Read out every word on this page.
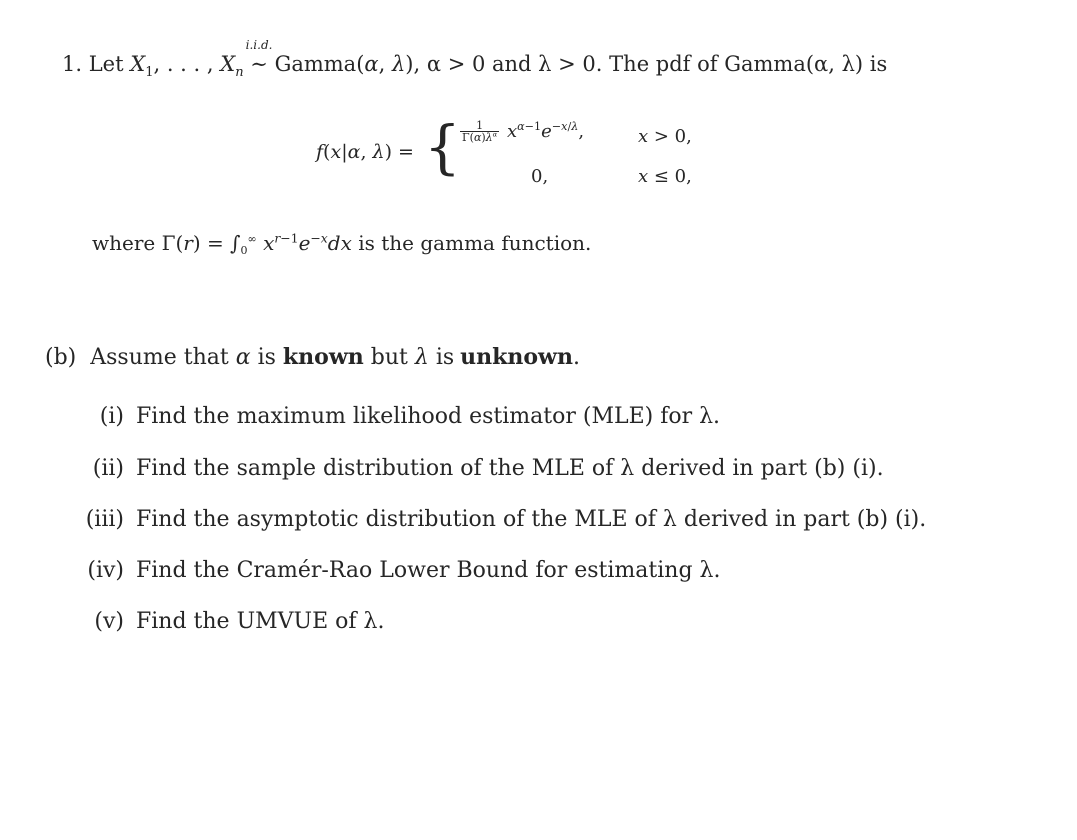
1. Let $X_1$, . . . , $X_n$
i.i.d.
∼ Gamma(α, λ), α > 0 and λ > 0. The pdf of Gamma(α, λ) is
f(x|α, λ) = { $\frac{1}{\Gamma(\alpha)\lambda^\alpha} x^{\alpha-1}e^{-x/\lambda}$,	x > 0,
0,	x ≤ 0,
where $\Gamma(r) = \int_0^\infty$ $x^{r-1}e^{-x}dx$ is the gamma function.
(b) Assume that α is known but λ is unknown.
(i) Find the maximum likelihood estimator (MLE) for λ.
(ii) Find the sample distribution of the MLE of λ derived in part (b) (i).
(iii) Find the asymptotic distribution of the MLE of λ derived in part (b) (i).
(iv) Find the Cramér-Rao Lower Bound for estimating λ.
(v) Find the UMVUE of λ.
